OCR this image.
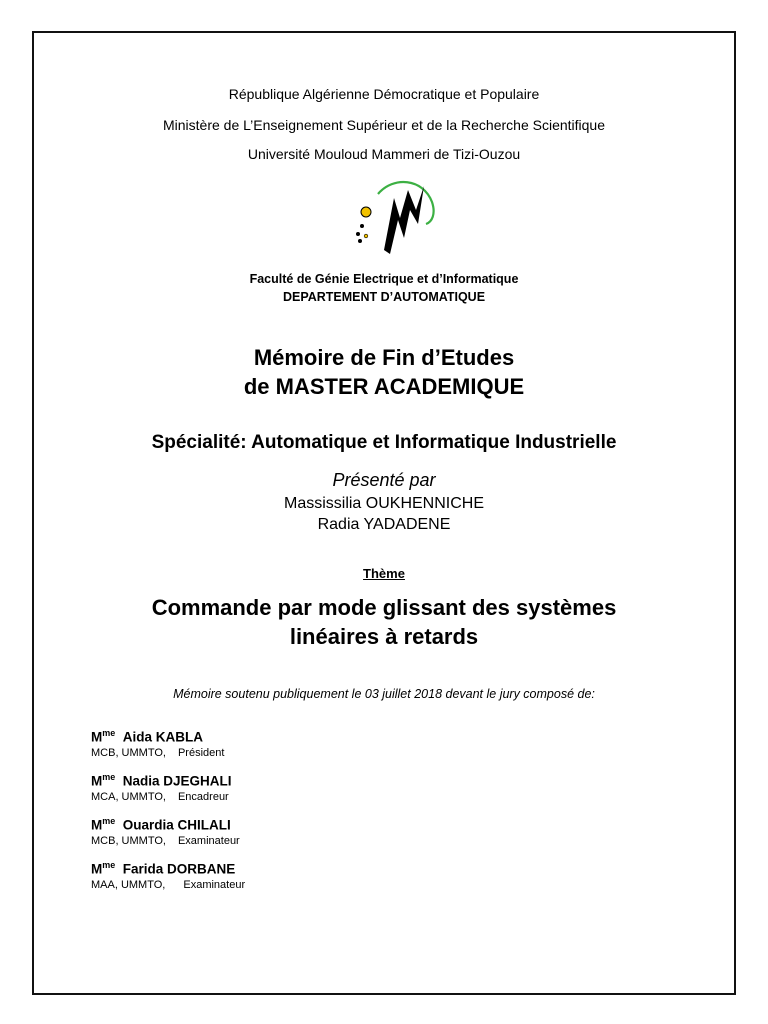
République Algérienne Démocratique et Populaire
Ministère de L’Enseignement Supérieur et de la Recherche Scientifique
Université Mouloud Mammeri de Tizi-Ouzou
Faculté de Génie Electrique et d’Informatique
DEPARTEMENT D’AUTOMATIQUE
Mémoire de Fin d’Etudes
de MASTER ACADEMIQUE
Spécialité: Automatique et Informatique Industrielle
Présenté par
Massissilia OUKHENNICHE
Radia YADADENE
Thème
Commande par mode glissant des systèmes
linéaires à retards
Mémoire soutenu publiquement le 03 juillet 2018 devant le jury composé de:
$M^{me}$ Aida KABLA
MCB, UMMTO, Président
$M^{me}$ Nadia DJEGHALI
MCA, UMMTO, Encadreur
$M^{me}$ Ouardia CHILALI
MCB, UMMTO, Examinateur
$M^{me}$ Farida DORBANE
MAA, UMMTO, Examinateur
